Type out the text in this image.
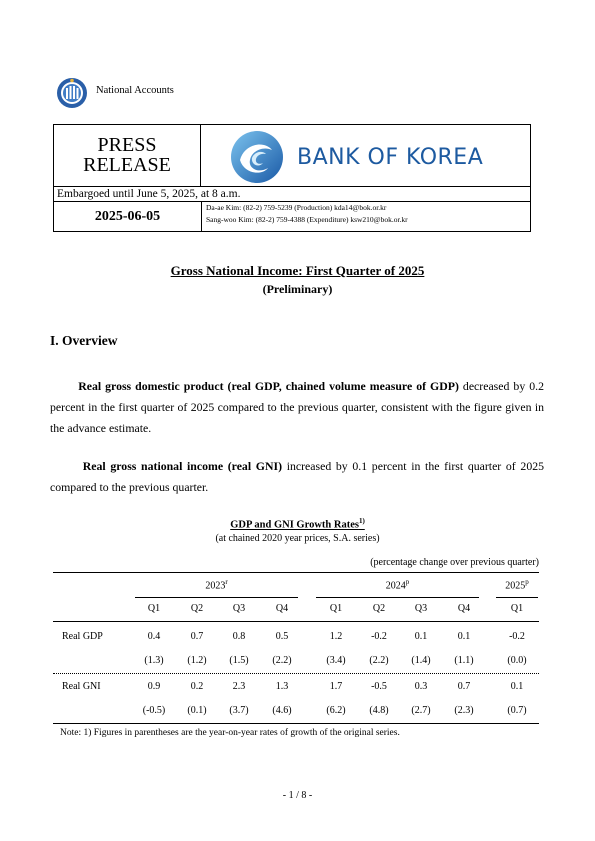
National Accounts
PRESS
RELEASE	BANK OF KOREA
Embargoed until June 5, 2025, at 8 a.m.
2025-06-05
Da-ae Kim: (82-2) 759-5239 (Production) kda14@bok.or.kr
Sang-woo Kim: (82-2) 759-4388 (Expenditure) ksw210@bok.or.kr
Gross National Income: First Quarter of 2025
(Preliminary)
I. Overview
Real gross domestic product (real GDP, chained volume measure of GDP) decreased by 0.2 percent in the first quarter of 2025 compared to the previous quarter, consistent with the figure given in the advance estimate.
Real gross national income (real GNI) increased by 0.1 percent in the first quarter of 2025 compared to the previous quarter.
GDP and GNI Growth Rates$^{1)}$
(at chained 2020 year prices, S.A. series)
(percentage change over previous quarter)
2023$^r$	2024$^p$	2025$^p$
Q1	Q2	Q3	Q4	Q1	Q2	Q3	Q4	Q1
Real GDP	0.4	0.7	0.8	0.5	1.2	-0.2	0.1	0.1	-0.2
(1.3)	(1.2)	(1.5)	(2.2)	(3.4)	(2.2)	(1.4)	(1.1)	(0.0)
Real GNI	0.9	0.2	2.3	1.3	1.7	-0.5	0.3	0.7	0.1
(-0.5)	(0.1)	(3.7)	(4.6)	(6.2)	(4.8)	(2.7)	(2.3)	(0.7)
Note: 1) Figures in parentheses are the year-on-year rates of growth of the original series.
- 1 / 8 -
